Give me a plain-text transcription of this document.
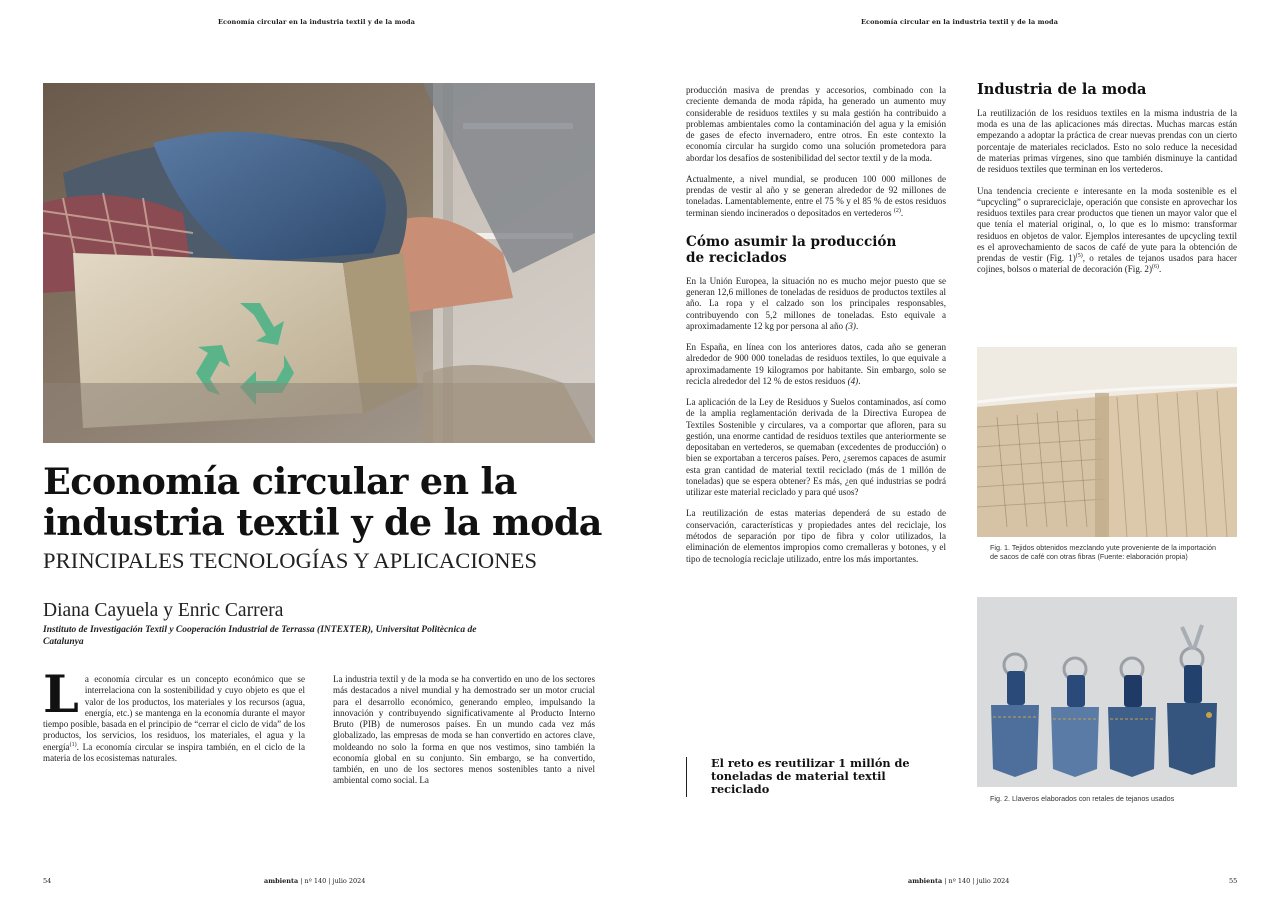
Economía circular en la industria textil y de la moda
Economía circular en la industria textil y de la moda
PRINCIPALES TECNOLOGÍAS Y APLICACIONES
Diana Cayuela y Enric Carrera
Instituto de Investigación Textil y Cooperación Industrial de Terrassa (INTEXTER), Universitat Politècnica de Catalunya

La economía circular es un concepto económico que se interrelaciona con la sostenibilidad y cuyo objeto es que el valor de los productos, los materiales y los recursos (agua, energía, etc.) se mantenga en la economía durante el mayor tiempo posible, basada en el principio de “cerrar el ciclo de vida” de los productos, los servicios, los residuos, los materiales, el agua y la energía$^{(1)}$. La economía circular se inspira también, en el ciclo de la materia de los ecosistemas naturales.

La industria textil y de la moda se ha convertido en uno de los sectores más destacados a nivel mundial y ha demostrado ser un motor crucial para el desarrollo económico, generando empleo, impulsando la innovación y contribuyendo significativamente al Producto Interno Bruto (PIB) de numerosos países. En un mundo cada vez más globalizado, las empresas de moda se han convertido en actores clave, moldeando no solo la forma en que nos vestimos, sino también la economía global en su conjunto. Sin embargo, se ha convertido, también, en uno de los sectores menos sostenibles tanto a nivel ambiental como social. La

54	ambienta | nº 140 | julio 2024
Economía circular en la industria textil y de la moda
ambienta | nº 140 | julio 2024	55

producción masiva de prendas y accesorios, combinado con la creciente demanda de moda rápida, ha generado un aumento muy considerable de residuos textiles y su mala gestión ha contribuido a problemas ambientales como la contaminación del agua y la emisión de gases de efecto invernadero, entre otros. En este contexto la economía circular ha surgido como una solución prometedora para abordar los desafíos de sostenibilidad del sector textil y de la moda.

Actualmente, a nivel mundial, se producen 100 000 millones de prendas de vestir al año y se generan alrededor de 92 millones de toneladas. Lamentablemente, entre el 75 % y el 85 % de estos residuos terminan siendo incinerados o depositados en vertederos $^{(2)}$.

Cómo asumir la producción de reciclados

En la Unión Europea, la situación no es mucho mejor puesto que se generan 12,6 millones de toneladas de residuos de productos textiles al año. La ropa y el calzado son los principales responsables, contribuyendo con 5,2 millones de toneladas. Esto equivale a aproximadamente 12 kg por persona al año (3).

En España, en línea con los anteriores datos, cada año se generan alrededor de 900 000 toneladas de residuos textiles, lo que equivale a aproximadamente 19 kilogramos por habitante. Sin embargo, solo se recicla alrededor del 12 % de estos residuos (4).

La aplicación de la Ley de Residuos y Suelos contaminados, así como de la amplia reglamentación derivada de la Directiva Europea de Textiles Sostenible y circulares, va a comportar que afloren, para su gestión, una enorme cantidad de residuos textiles que anteriormente se depositaban en vertederos, se quemaban (excedentes de producción) o bien se exportaban a terceros países. Pero, ¿seremos capaces de asumir esta gran cantidad de material textil reciclado (más de 1 millón de toneladas) que se espera obtener? Es más, ¿en qué industrias se podrá utilizar este material reciclado y para qué usos?

La reutilización de estas materias dependerá de su estado de conservación, características y propiedades antes del reciclaje, los métodos de separación por tipo de fibra y color utilizados, la eliminación de elementos impropios como cremalleras y botones, y el tipo de tecnología reciclaje utilizado, entre los más importantes.

El reto es reutilizar 1 millón de toneladas de material textil reciclado
Industria de la moda

La reutilización de los residuos textiles en la misma industria de la moda es una de las aplicaciones más directas. Muchas marcas están empezando a adoptar la práctica de crear nuevas prendas con un cierto porcentaje de materiales reciclados. Esto no solo reduce la necesidad de materias primas vírgenes, sino que también disminuye la cantidad de residuos textiles que terminan en los vertederos.

Una tendencia creciente e interesante en la moda sostenible es el “upcycling” o suprareciclaje, operación que consiste en aprovechar los residuos textiles para crear productos que tienen un mayor valor que el que tenía el material original, o, lo que es lo mismo: transformar residuos en objetos de valor. Ejemplos interesantes de upcycling textil es el aprovechamiento de sacos de café de yute para la obtención de prendas de vestir (Fig. 1)$^{(5)}$, o retales de tejanos usados para hacer cojines, bolsos o material de decoración (Fig. 2)$^{(6)}$.

Fig. 1. Tejidos obtenidos mezclando yute proveniente de la importación de sacos de café con otras fibras (Fuente: elaboración propia)
Fig. 2. Llaveros elaborados con retales de tejanos usados
